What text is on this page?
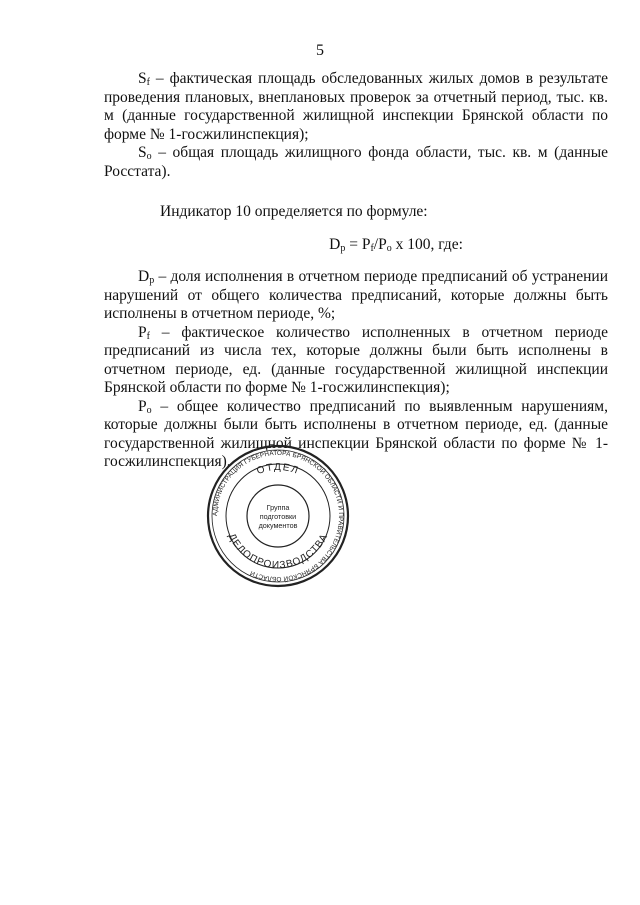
5

$S_f$ – фактическая площадь обследованных жилых домов в результате проведения плановых, внеплановых проверок за отчетный период, тыс. кв. м (данные государственной жилищной инспекции Брянской области по форме № 1-госжилинспекция);

$S_o$ – общая площадь жилищного фонда области, тыс. кв. м (данные Росстата).

Индикатор 10 определяется по формуле:

$D_p = P_f/P_o$ x 100, где:

$D_p$ – доля исполнения в отчетном периоде предписаний об устранении нарушений от общего количества предписаний, которые должны быть исполнены в отчетном периоде, %;

$P_f$ – фактическое количество исполненных в отчетном периоде предписаний из числа тех, которые должны были быть исполнены в отчетном периоде, ед. (данные государственной жилищной инспекции Брянской области по форме № 1-госжилинспекция);

$P_o$ – общее количество предписаний по выявленным нарушениям, которые должны были быть исполнены в отчетном периоде, ед. (данные государственной жилищной инспекции Брянской области по форме № 1-госжилинспекция).

АДМИНИСТРАЦИЯ ГУБЕРНАТОРА БРЯНСКОЙ ОБЛАСТИ И ПРАВИТЕЛЬСТВА БРЯНСКОЙ ОБЛАСТИ
ОТДЕЛ
ДЕЛОПРОИЗВОДСТВА
Группа
подготовки
документов
